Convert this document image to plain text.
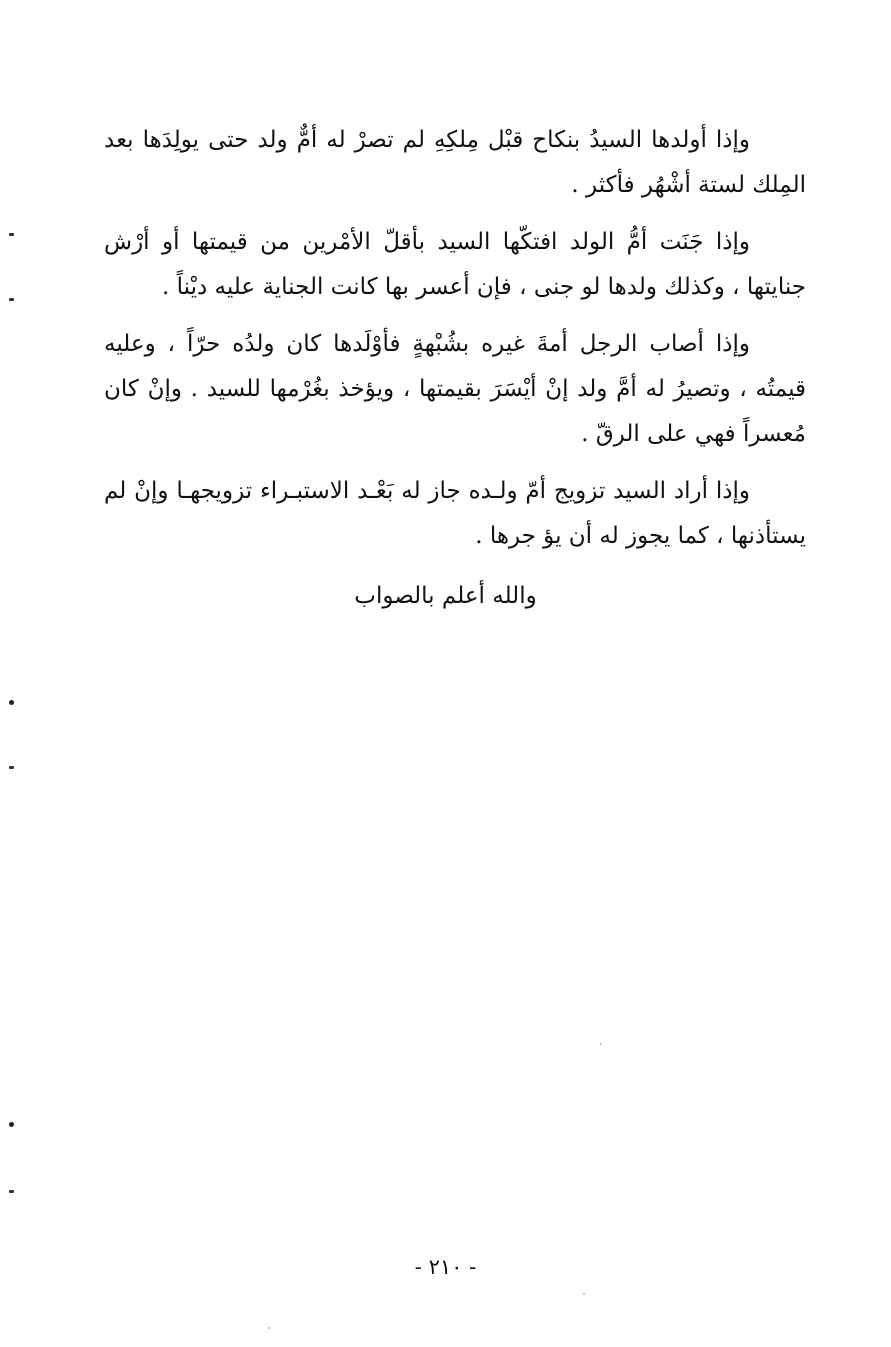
وإذا أولدها السيدُ بنكاح قبْل مِلكِهِ لم تصرْ له أمٌّ ولد حتى يولِدَها بعد المِلك لستة أشْهُر فأكثر .

وإذا جَنَت أمُّ الولد افتكّها السيد بأقلّ الأمْرين من قيمتها أو أرْش جنايتها ، وكذلك ولدها لو جنى ، فإن أعسر بها كانت الجناية عليه ديْناً .

وإذا أصاب الرجل أمةَ غيره بشُبْهةٍ فأوْلَدها كان ولدُه حرّاً ، وعليه قيمتُه ، وتصيرُ له أمَّ ولد إنْ أيْسَرَ بقيمتها ، ويؤخذ بغُرْمها للسيد . وإنْ كان مُعسراً فهي على الرقّ .

وإذا أراد السيد تزويج أمّ ولـده جاز له بَعْـد الاستبـراء تزويجهـا وإنْ لم يستأذنها ، كما يجوز له أن يؤ جرها .

والله أعلم بالصواب
- ٢١٠ -
